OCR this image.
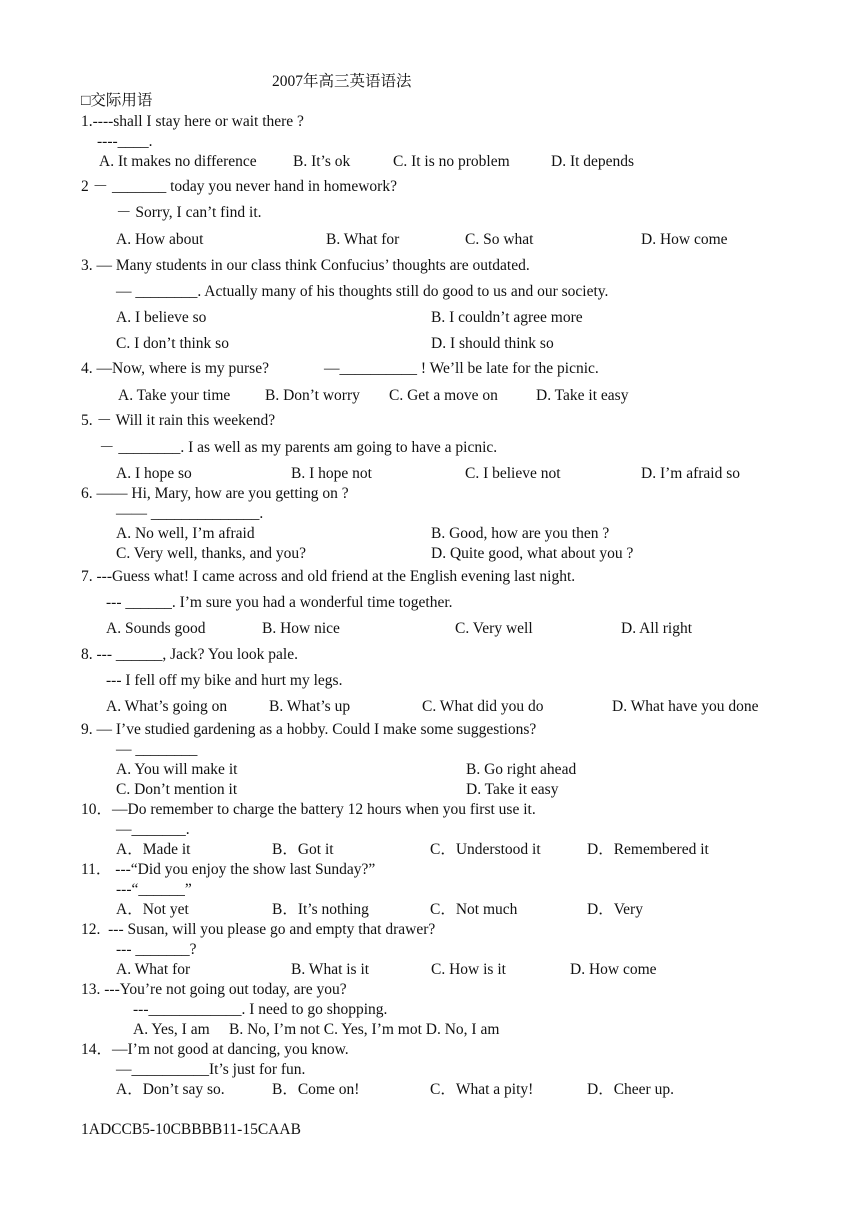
2007年高三英语语法
□交际用语
1.----shall I stay here or wait there ?
----____.
A. It makes no difference B. It’s ok	C. It is no problem	D. It depends
2 － _______ today you never hand in homework?
－ Sorry, I can’t find it.
A. How about	B. What for	C. So what	D. How come
3. — Many students in our class think Confucius’ thoughts are outdated.
— ________. Actually many of his thoughts still do good to us and our society.
A. I believe so	B. I couldn’t agree more
C. I don’t think so	D. I should think so
4. —Now, where is my purse?	—__________ ! We’ll be late for the picnic.
A. Take your time B. Don’t worry C. Get a move on D. Take it easy
5. － Will it rain this weekend?
－ ________. I as well as my parents am going to have a picnic.
A. I hope so	B. I hope not	C. I believe not	D. I’m afraid so
6. —— Hi, Mary, how are you getting on ?
—— ______________.
A. No well, I’m afraid	B. Good, how are you then ?
C. Very well, thanks, and you?	D. Quite good, what about you ?
7. ---Guess what! I came across and old friend at the English evening last night.
--- ______. I’m sure you had a wonderful time together.
A. Sounds good	B. How nice	C. Very well	D. All right
8. --- ______, Jack? You look pale.
--- I fell off my bike and hurt my legs.
A. What’s going on	B. What’s up	C. What did you do	D. What have you done
9. — I’ve studied gardening as a hobby. Could I make some suggestions?
— ________
A. You will make it	B. Go right ahead
C. Don’t mention it	D. Take it easy
10．—Do remember to charge the battery 12 hours when you first use it.
—_______.
A．Made it	B．Got it	C．Understood it	D．Remembered it
11． ---“Did you enjoy the show last Sunday?”
---“______”
A．Not yet	B．It’s nothing	C．Not much	D．Very
12.  --- Susan, will you please go and empty that drawer?
--- _______?
A. What for	B. What is it	C. How is it	D. How come
13. ---You’re not going out today, are you?
---____________. I need to go shopping.
A. Yes, I am     B. No, I’m not C. Yes, I’m mot D. No, I am
14．—I’m not good at dancing, you know.
—__________It’s just for fun.
A．Don’t say so.	B．Come on!	C．What a pity!	D．Cheer up.
1ADCCB5-10CBBBB11-15CAAB
